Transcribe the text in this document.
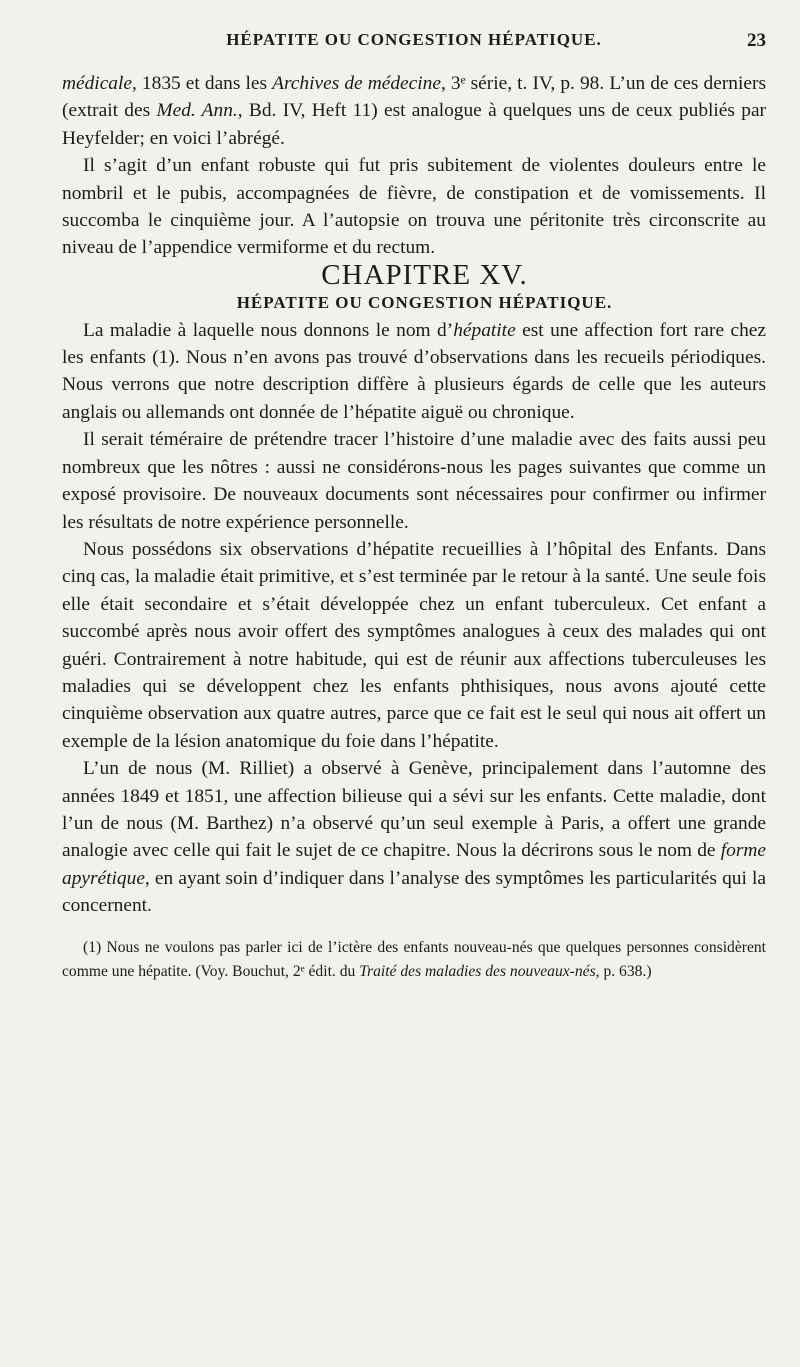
HÉPATITE OU CONGESTION HÉPATIQUE.	23

médicale, 1835 et dans les Archives de médecine, 3ᵉ série, t. IV, p. 98. L’un de ces derniers (extrait des Med. Ann., Bd. IV, Heft 11) est analogue à quelques uns de ceux publiés par Heyfelder; en voici l’abrégé.

Il s’agit d’un enfant robuste qui fut pris subitement de violentes douleurs entre le nombril et le pubis, accompagnées de fièvre, de constipation et de vomissements. Il succomba le cinquième jour. A l’autopsie on trouva une péritonite très circonscrite au niveau de l’appendice vermiforme et du rectum.

CHAPITRE XV.

HÉPATITE OU CONGESTION HÉPATIQUE.

La maladie à laquelle nous donnons le nom d’hépatite est une affection fort rare chez les enfants (1). Nous n’en avons pas trouvé d’observations dans les recueils périodiques. Nous verrons que notre description diffère à plusieurs égards de celle que les auteurs anglais ou allemands ont donnée de l’hépatite aiguë ou chronique.

Il serait téméraire de prétendre tracer l’histoire d’une maladie avec des faits aussi peu nombreux que les nôtres : aussi ne considérons-nous les pages suivantes que comme un exposé provisoire. De nouveaux documents sont nécessaires pour confirmer ou infirmer les résultats de notre expérience personnelle.

Nous possédons six observations d’hépatite recueillies à l’hôpital des Enfants. Dans cinq cas, la maladie était primitive, et s’est terminée par le retour à la santé. Une seule fois elle était secondaire et s’était développée chez un enfant tuberculeux. Cet enfant a succombé après nous avoir offert des symptômes analogues à ceux des malades qui ont guéri. Contrairement à notre habitude, qui est de réunir aux affections tuberculeuses les maladies qui se développent chez les enfants phthisiques, nous avons ajouté cette cinquième observation aux quatre autres, parce que ce fait est le seul qui nous ait offert un exemple de la lésion anatomique du foie dans l’hépatite.

L’un de nous (M. Rilliet) a observé à Genève, principalement dans l’automne des années 1849 et 1851, une affection bilieuse qui a sévi sur les enfants. Cette maladie, dont l’un de nous (M. Barthez) n’a observé qu’un seul exemple à Paris, a offert une grande analogie avec celle qui fait le sujet de ce chapitre. Nous la décrirons sous le nom de forme apyrétique, en ayant soin d’indiquer dans l’analyse des symptômes les particularités qui la concernent.

(1) Nous ne voulons pas parler ici de l’ictère des enfants nouveau-nés que quelques personnes considèrent comme une hépatite. (Voy. Bouchut, 2ᵉ édit. du Traité des maladies des nouveaux-nés, p. 638.)
